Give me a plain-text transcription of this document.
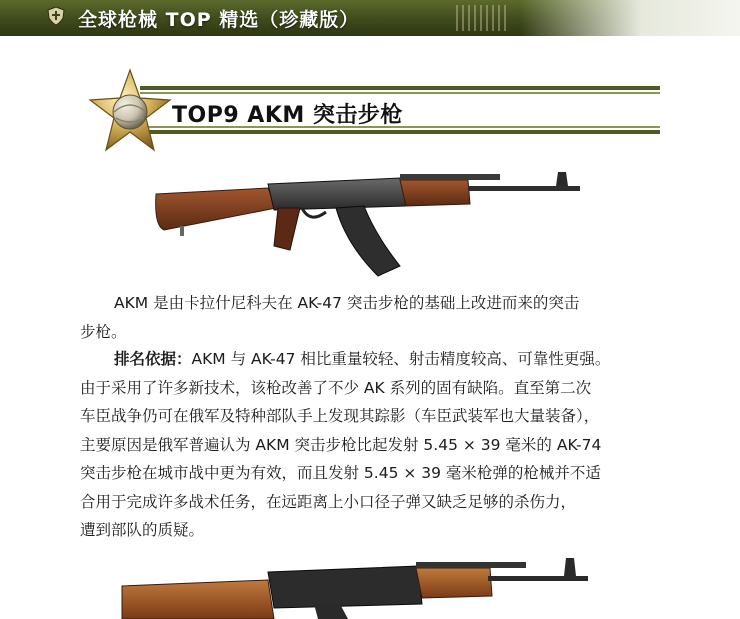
全球枪械 TOP 精选（珍藏版）
TOP9 AKM 突击步枪
AKM 是由卡拉什尼科夫在 AK-47 突击步枪的基础上改进而来的突击
步枪。
排名依据：AKM 与 AK-47 相比重量较轻、射击精度较高、可靠性更强。
由于采用了许多新技术，该枪改善了不少 AK 系列的固有缺陷。直至第二次
车臣战争仍可在俄军及特种部队手上发现其踪影（车臣武装军也大量装备），
主要原因是俄军普遍认为 AKM 突击步枪比起发射 5.45 × 39 毫米的 AK-74
突击步枪在城市战中更为有效，而且发射 5.45 × 39 毫米枪弹的枪械并不适
合用于完成许多战术任务，在远距离上小口径子弹又缺乏足够的杀伤力，
遭到部队的质疑。
